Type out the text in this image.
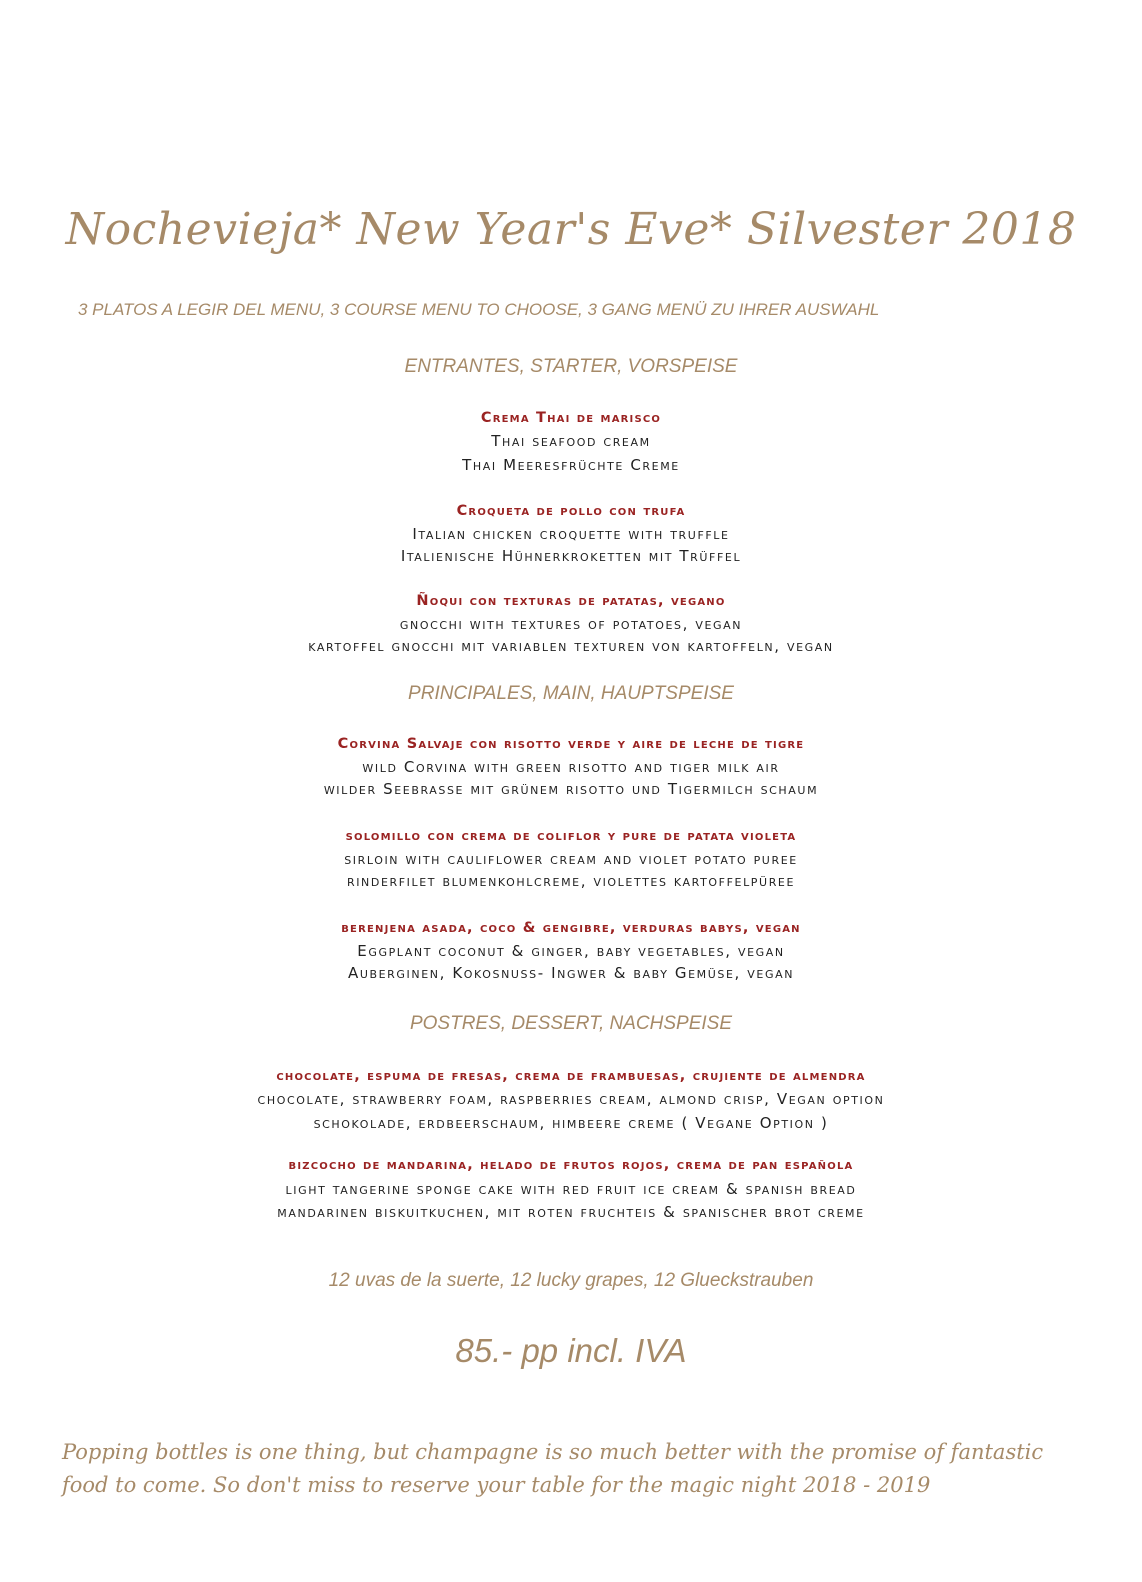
Nochevieja* New Year's Eve* Silvester 2018
3 PLATOS A LEGIR DEL MENU, 3 COURSE MENU TO CHOOSE, 3 GANG MENÜ ZU IHRER AUSWAHL
ENTRANTES, STARTER, VORSPEISE
Crema Thai de marisco
Thai seafood cream
Thai Meeresfrüchte Creme
Croqueta de pollo con trufa
Italian chicken croquette with truffle
Italienische Hühnerkroketten mit Trüffel
Ñoqui con texturas de patatas, vegano
gnocchi with textures of potatoes, vegan
kartoffel gnocchi mit variablen texturen von kartoffeln, vegan
PRINCIPALES, MAIN, HAUPTSPEISE
Corvina Salvaje con risotto verde y aire de leche de tigre
wild Corvina with green risotto and tiger milk air
wilder Seebrasse mit grünem risotto und Tigermilch schaum
solomillo con crema de coliflor y pure de patata violeta
sirloin with cauliflower cream and violet potato puree
rinderfilet blumenkohlcreme, violettes kartoffelpüree
berenjena asada, coco & gengibre, verduras babys, vegan
Eggplant coconut & ginger, baby vegetables, vegan
Auberginen, Kokosnuss- Ingwer & baby Gemüse, vegan
POSTRES, DESSERT, NACHSPEISE
chocolate, espuma de fresas, crema de frambuesas, crujiente de almendra
chocolate, strawberry foam, raspberries cream, almond crisp, Vegan option
schokolade, erdbeerschaum, himbeere creme ( Vegane Option )
bizcocho de mandarina, helado de frutos rojos, crema de pan española
light tangerine sponge cake with red fruit ice cream & spanish bread
mandarinen biskuitkuchen, mit roten fruchteis & spanischer brot creme
12 uvas de la suerte, 12 lucky grapes, 12 Glueckstrauben
85.- pp incl. IVA
Popping bottles is one thing, but champagne is so much better with the promise of fantastic
food to come. So don't miss to reserve your table for the magic night 2018 - 2019
